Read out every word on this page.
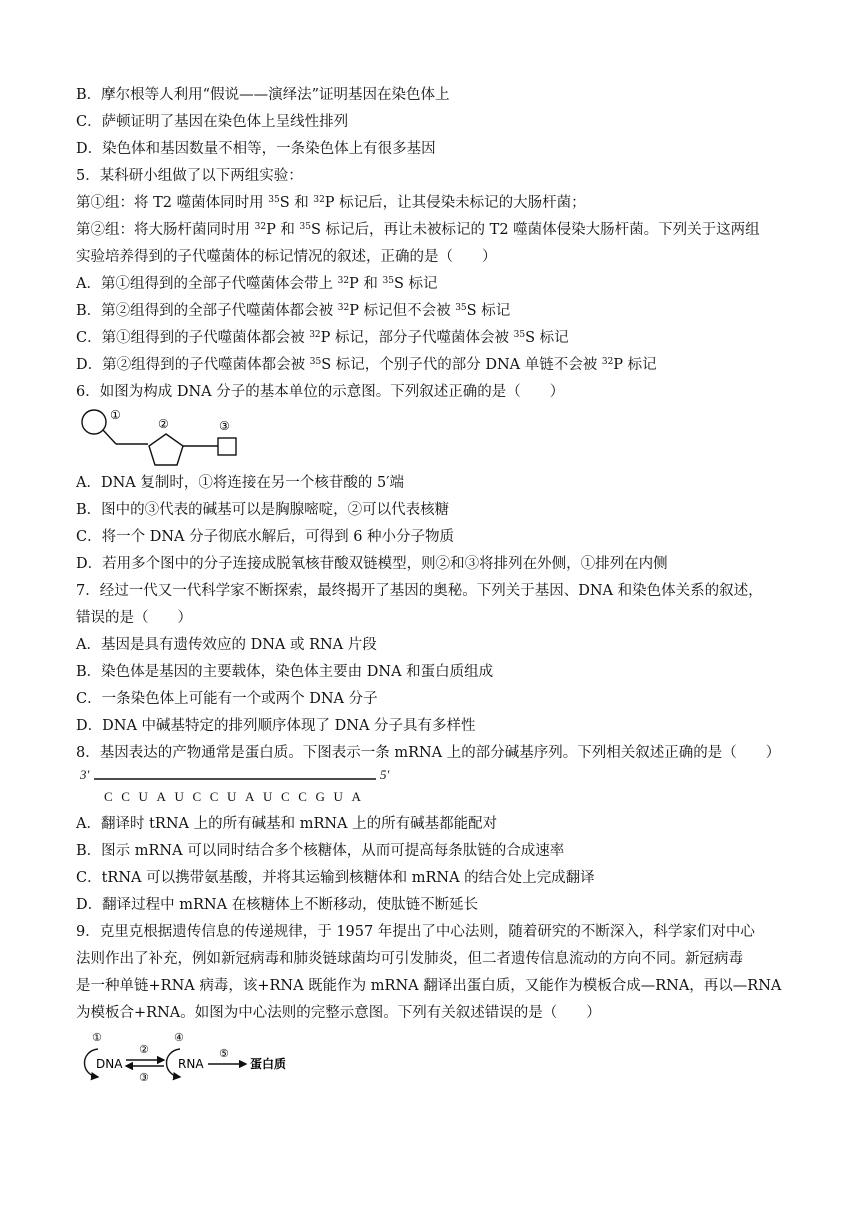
B．摩尔根等人利用“假说——演绎法”证明基因在染色体上
C．萨顿证明了基因在染色体上呈线性排列
D．染色体和基因数量不相等，一条染色体上有很多基因
5．某科研小组做了以下两组实验：
第①组：将 T2 噬菌体同时用 $^{35}$S 和 $^{32}$P 标记后，让其侵染未标记的大肠杆菌；
第②组：将大肠杆菌同时用 $^{32}$P 和 $^{35}$S 标记后，再让未被标记的 T2 噬菌体侵染大肠杆菌。下列关于这两组
实验培养得到的子代噬菌体的标记情况的叙述，正确的是（　　）
A．第①组得到的全部子代噬菌体会带上 $^{32}$P 和 $^{35}$S 标记
B．第②组得到的全部子代噬菌体都会被 $^{32}$P 标记但不会被 $^{35}$S 标记
C．第①组得到的子代噬菌体都会被 $^{32}$P 标记，部分子代噬菌体会被 $^{35}$S 标记
D．第②组得到的子代噬菌体都会被 $^{35}$S 标记，个别子代的部分 DNA 单链不会被 $^{32}$P 标记
6．如图为构成 DNA 分子的基本单位的示意图。下列叙述正确的是（　　）
①
②	③
A．DNA 复制时，①将连接在另一个核苷酸的 5′端
B．图中的③代表的碱基可以是胸腺嘧啶，②可以代表核糖
C．将一个 DNA 分子彻底水解后，可得到 6 种小分子物质
D．若用多个图中的分子连接成脱氧核苷酸双链模型，则②和③将排列在外侧，①排列在内侧
7．经过一代又一代科学家不断探索，最终揭开了基因的奥秘。下列关于基因、DNA 和染色体关系的叙述，
错误的是（　　）
A．基因是具有遗传效应的 DNA 或 RNA 片段
B．染色体是基因的主要载体，染色体主要由 DNA 和蛋白质组成
C．一条染色体上可能有一个或两个 DNA 分子
D．DNA 中碱基特定的排列顺序体现了 DNA 分子具有多样性
8．基因表达的产物通常是蛋白质。下图表示一条 mRNA 上的部分碱基序列。下列相关叙述正确的是（　　）
3′	5′
CCUAUCCUAUCCGUA
A．翻译时 tRNA 上的所有碱基和 mRNA 上的所有碱基都能配对
B．图示 mRNA 可以同时结合多个核糖体，从而可提高每条肽链的合成速率
C．tRNA 可以携带氨基酸，并将其运输到核糖体和 mRNA 的结合处上完成翻译
D．翻译过程中 mRNA 在核糖体上不断移动，使肽链不断延长
9．克里克根据遗传信息的传递规律，于 1957 年提出了中心法则，随着研究的不断深入，科学家们对中心
法则作出了补充，例如新冠病毒和肺炎链球菌均可引发肺炎，但二者遗传信息流动的方向不同。新冠病毒
是一种单链+RNA 病毒，该+RNA 既能作为 mRNA 翻译出蛋白质，又能作为模板合成—RNA，再以—RNA
为模板合+RNA。如图为中心法则的完整示意图。下列有关叙述错误的是（　　）
①
DNA
②
③
④
RNA
⑤
蛋白质
